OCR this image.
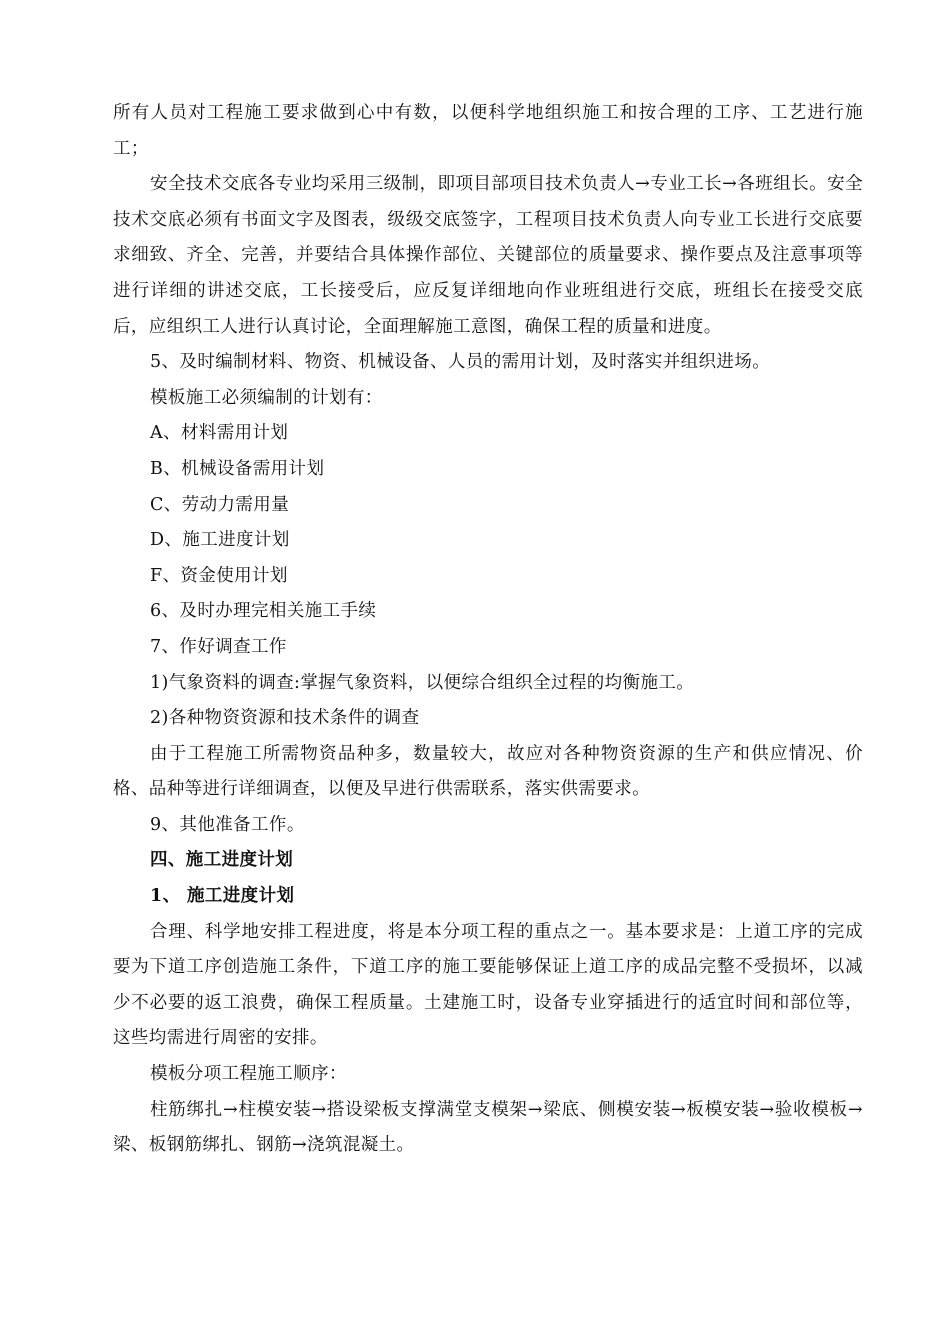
所有人员对工程施工要求做到心中有数，以便科学地组织施工和按合理的工序、工艺进行施工；

安全技术交底各专业均采用三级制，即项目部项目技术负责人→专业工长→各班组长。安全技术交底必须有书面文字及图表，级级交底签字，工程项目技术负责人向专业工长进行交底要求细致、齐全、完善，并要结合具体操作部位、关键部位的质量要求、操作要点及注意事项等进行详细的讲述交底，工长接受后，应反复详细地向作业班组进行交底，班组长在接受交底后，应组织工人进行认真讨论，全面理解施工意图，确保工程的质量和进度。

5、及时编制材料、物资、机械设备、人员的需用计划，及时落实并组织进场。

模板施工必须编制的计划有：

A、材料需用计划

B、机械设备需用计划

C、劳动力需用量

D、施工进度计划

F、资金使用计划

6、及时办理完相关施工手续

7、作好调查工作

1)气象资料的调查:掌握气象资料，以便综合组织全过程的均衡施工。

2)各种物资资源和技术条件的调查

由于工程施工所需物资品种多，数量较大，故应对各种物资资源的生产和供应情况、价格、品种等进行详细调查，以便及早进行供需联系，落实供需要求。

9、其他准备工作。

四、施工进度计划

1、 施工进度计划

合理、科学地安排工程进度，将是本分项工程的重点之一。基本要求是：上道工序的完成要为下道工序创造施工条件，下道工序的施工要能够保证上道工序的成品完整不受损坏，以减少不必要的返工浪费，确保工程质量。土建施工时，设备专业穿插进行的适宜时间和部位等，这些均需进行周密的安排。

模板分项工程施工顺序：

柱筋绑扎→柱模安装→搭设梁板支撑满堂支模架→梁底、侧模安装→板模安装→验收模板→梁、板钢筋绑扎、钢筋→浇筑混凝土。
